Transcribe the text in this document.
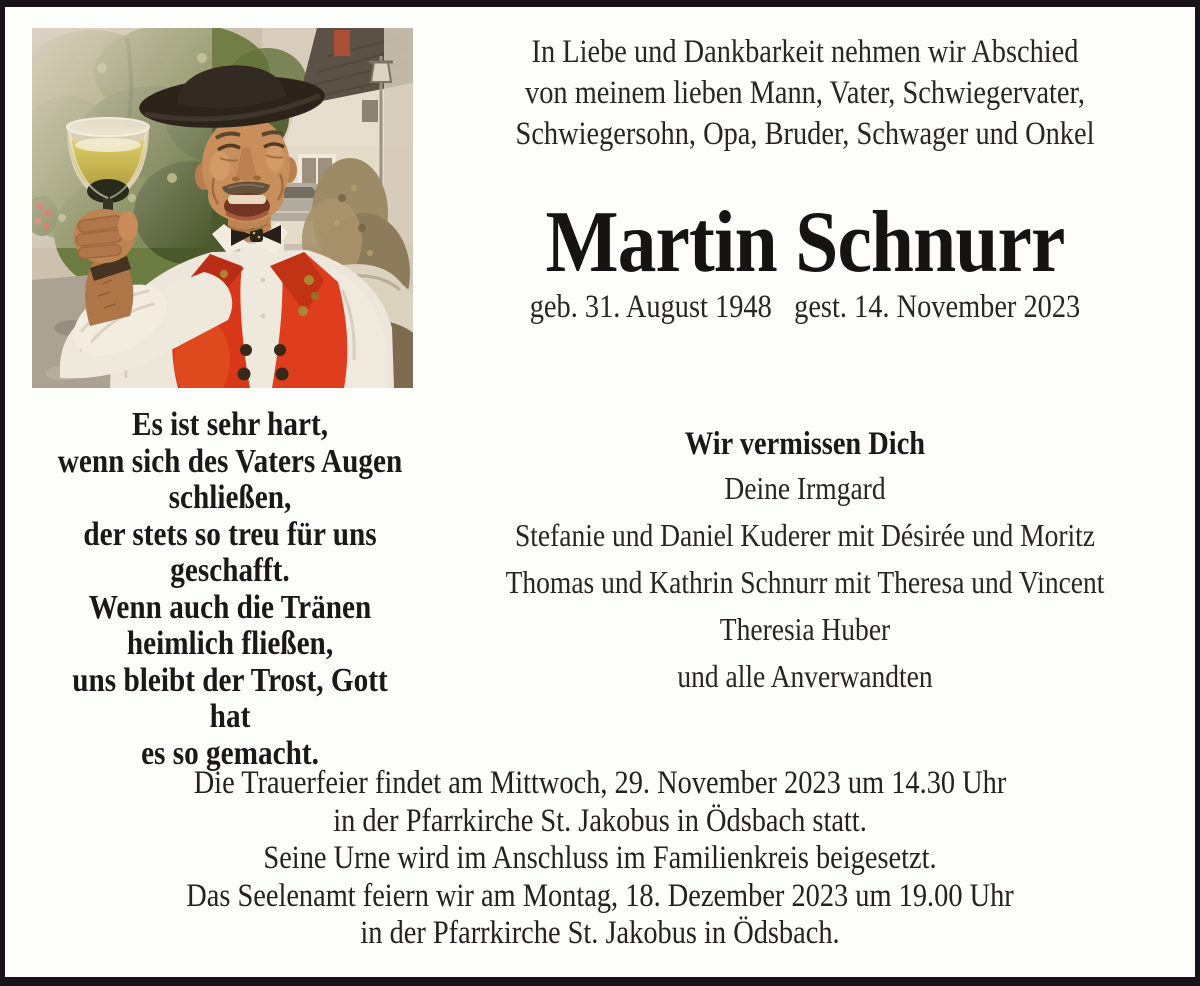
In Liebe und Dankbarkeit nehmen wir Abschied
von meinem lieben Mann, Vater, Schwiegervater,
Schwiegersohn, Opa, Bruder, Schwager und Onkel
Martin Schnurr
geb. 31. August 1948 gest. 14. November 2023
Es ist sehr hart,
wenn sich des Vaters Augen
schließen,
der stets so treu für uns
geschafft.
Wenn auch die Tränen
heimlich fließen,
uns bleibt der Trost, Gott hat
es so gemacht.
Wir vermissen Dich
Deine Irmgard
Stefanie und Daniel Kuderer mit Désirée und Moritz
Thomas und Kathrin Schnurr mit Theresa und Vincent
Theresia Huber
und alle Anverwandten
Die Trauerfeier findet am Mittwoch, 29. November 2023 um 14.30 Uhr
in der Pfarrkirche St. Jakobus in Ödsbach statt.
Seine Urne wird im Anschluss im Familienkreis beigesetzt.
Das Seelenamt feiern wir am Montag, 18. Dezember 2023 um 19.00 Uhr
in der Pfarrkirche St. Jakobus in Ödsbach.
